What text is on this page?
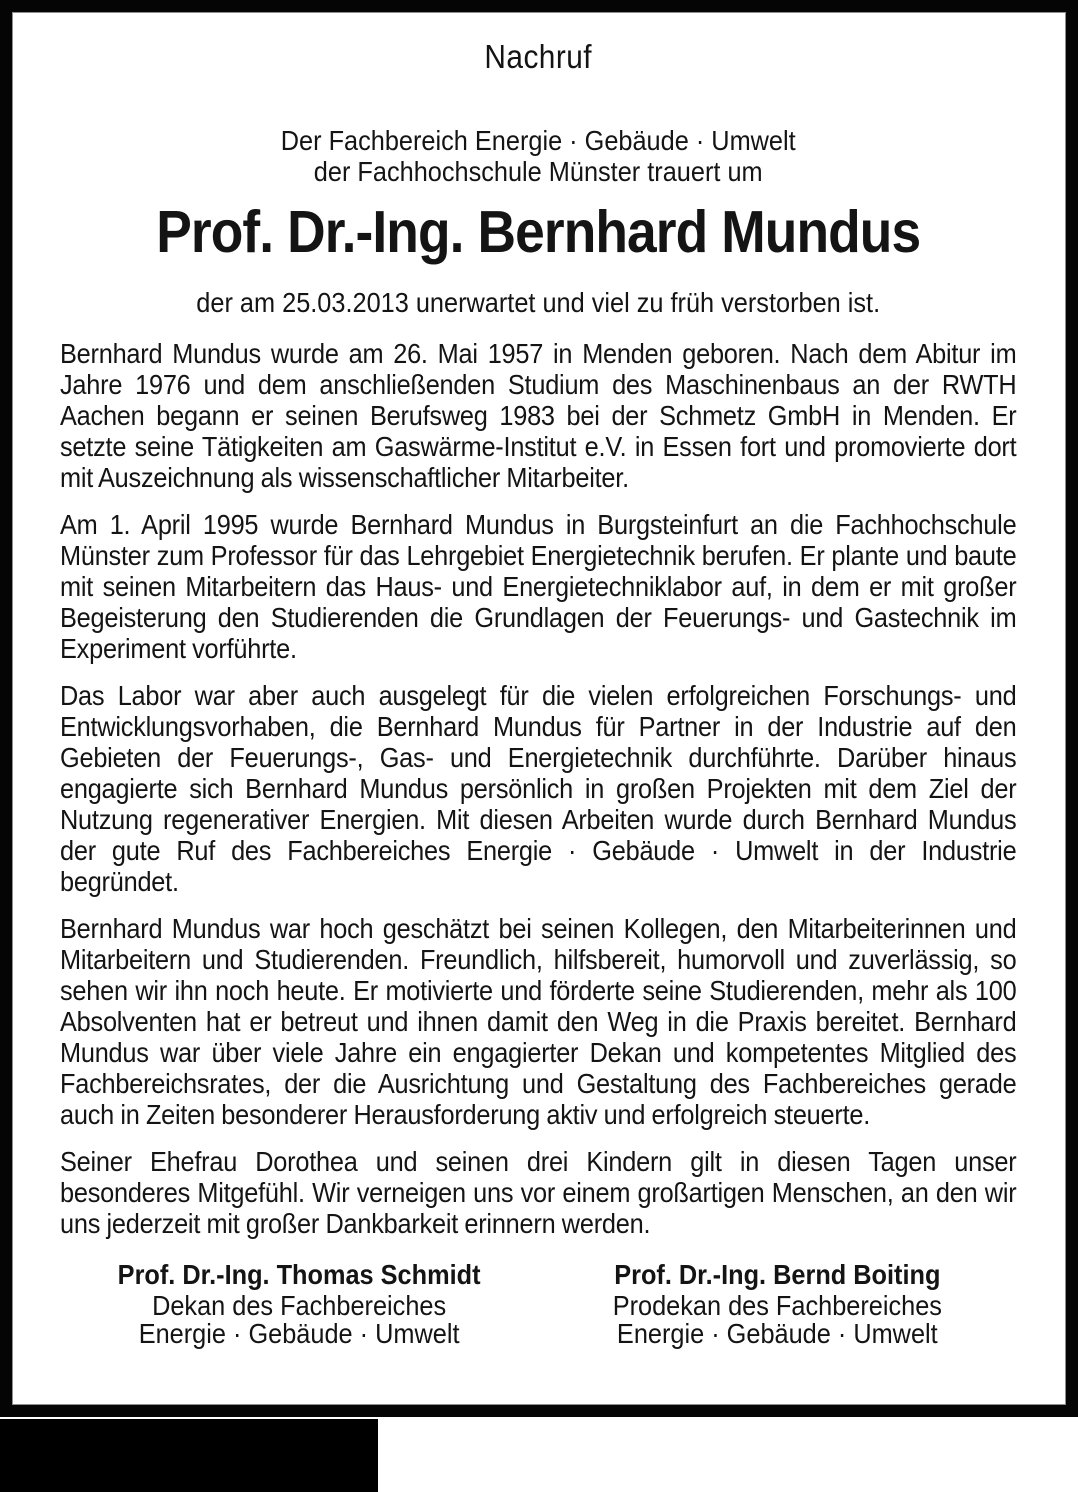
Nachruf
Der Fachbereich Energie · Gebäude · Umwelt
der Fachhochschule Münster trauert um
Prof. Dr.-Ing. Bernhard Mundus
der am 25.03.2013 unerwartet und viel zu früh verstorben ist.

Bernhard Mundus wurde am 26. Mai 1957 in Menden geboren. Nach dem Abitur im Jahre 1976 und dem anschließenden Studium des Maschinenbaus an der RWTH Aachen begann er seinen Berufsweg 1983 bei der Schmetz GmbH in Menden. Er setzte seine Tätigkeiten am Gaswärme-Institut e.V. in Essen fort und promovierte dort mit Auszeichnung als wissenschaftlicher Mitarbeiter.

Am 1. April 1995 wurde Bernhard Mundus in Burgsteinfurt an die Fachhochschule Münster zum Professor für das Lehrgebiet Energietechnik berufen. Er plante und baute mit seinen Mitarbeitern das Haus- und Energietechniklabor auf, in dem er mit großer Begeisterung den Studierenden die Grundlagen der Feuerungs- und Gastechnik im Experiment vorführte.

Das Labor war aber auch ausgelegt für die vielen erfolgreichen Forschungs- und Entwicklungsvorhaben, die Bernhard Mundus für Partner in der Industrie auf den Gebieten der Feuerungs-, Gas- und Energietechnik durchführte. Darüber hinaus engagierte sich Bernhard Mundus persönlich in großen Projekten mit dem Ziel der Nutzung regenerativer Energien. Mit diesen Arbeiten wurde durch Bernhard Mundus der gute Ruf des Fachbereiches Energie · Gebäude · Umwelt in der Industrie begründet.

Bernhard Mundus war hoch geschätzt bei seinen Kollegen, den Mitarbeiterinnen und Mitarbeitern und Studierenden. Freundlich, hilfsbereit, humorvoll und zuverlässig, so sehen wir ihn noch heute. Er motivierte und förderte seine Studierenden, mehr als 100 Absolventen hat er betreut und ihnen damit den Weg in die Praxis bereitet. Bernhard Mundus war über viele Jahre ein engagierter Dekan und kompetentes Mitglied des Fachbereichsrates, der die Ausrichtung und Gestaltung des Fachbereiches gerade auch in Zeiten besonderer Herausforderung aktiv und erfolgreich steuerte.

Seiner Ehefrau Dorothea und seinen drei Kindern gilt in diesen Tagen unser besonderes Mitgefühl. Wir verneigen uns vor einem großartigen Menschen, an den wir uns jederzeit mit großer Dankbarkeit erinnern werden.

Prof. Dr.-Ing. Thomas Schmidt
Dekan des Fachbereiches
Energie · Gebäude · Umwelt
Prof. Dr.-Ing. Bernd Boiting
Prodekan des Fachbereiches
Energie · Gebäude · Umwelt
